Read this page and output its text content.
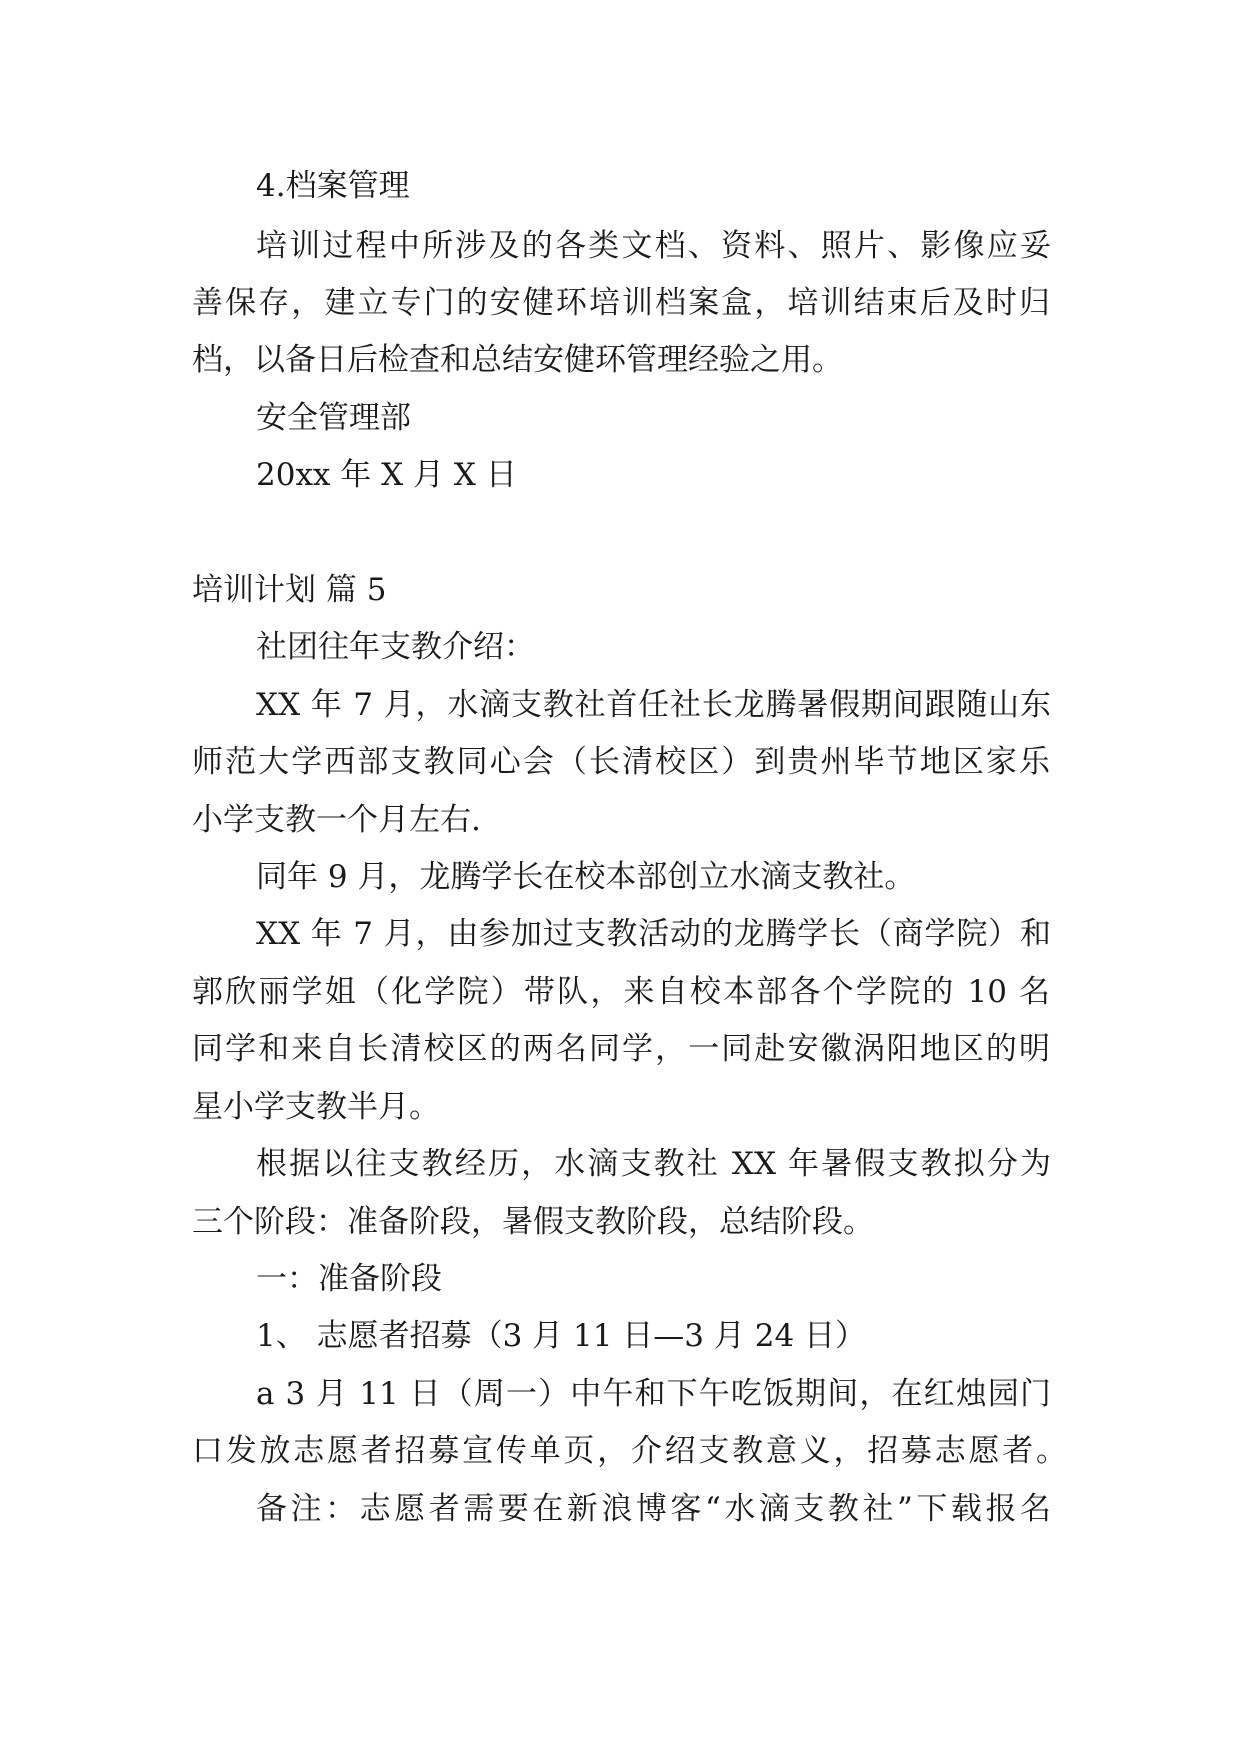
4.档案管理
培训过程中所涉及的各类文档、资料、照片、影像应妥
善保存，建立专门的安健环培训档案盒，培训结束后及时归
档，以备日后检查和总结安健环管理经验之用。
安全管理部
20xx 年 X 月 X 日
培训计划 篇 5
社团往年支教介绍：
XX 年 7 月，水滴支教社首任社长龙腾暑假期间跟随山东
师范大学西部支教同心会（长清校区）到贵州毕节地区家乐
小学支教一个月左右.
同年 9 月，龙腾学长在校本部创立水滴支教社。
XX 年 7 月，由参加过支教活动的龙腾学长（商学院）和
郭欣丽学姐（化学院）带队，来自校本部各个学院的 10 名
同学和来自长清校区的两名同学，一同赴安徽涡阳地区的明
星小学支教半月。
根据以往支教经历，水滴支教社 XX 年暑假支教拟分为
三个阶段：准备阶段，暑假支教阶段，总结阶段。
一：准备阶段
1、 志愿者招募（3 月 11 日—3 月 24 日）
a 3 月 11 日（周一）中午和下午吃饭期间，在红烛园门
口发放志愿者招募宣传单页，介绍支教意义，招募志愿者。
备注：志愿者需要在新浪博客“水滴支教社”下载报名
